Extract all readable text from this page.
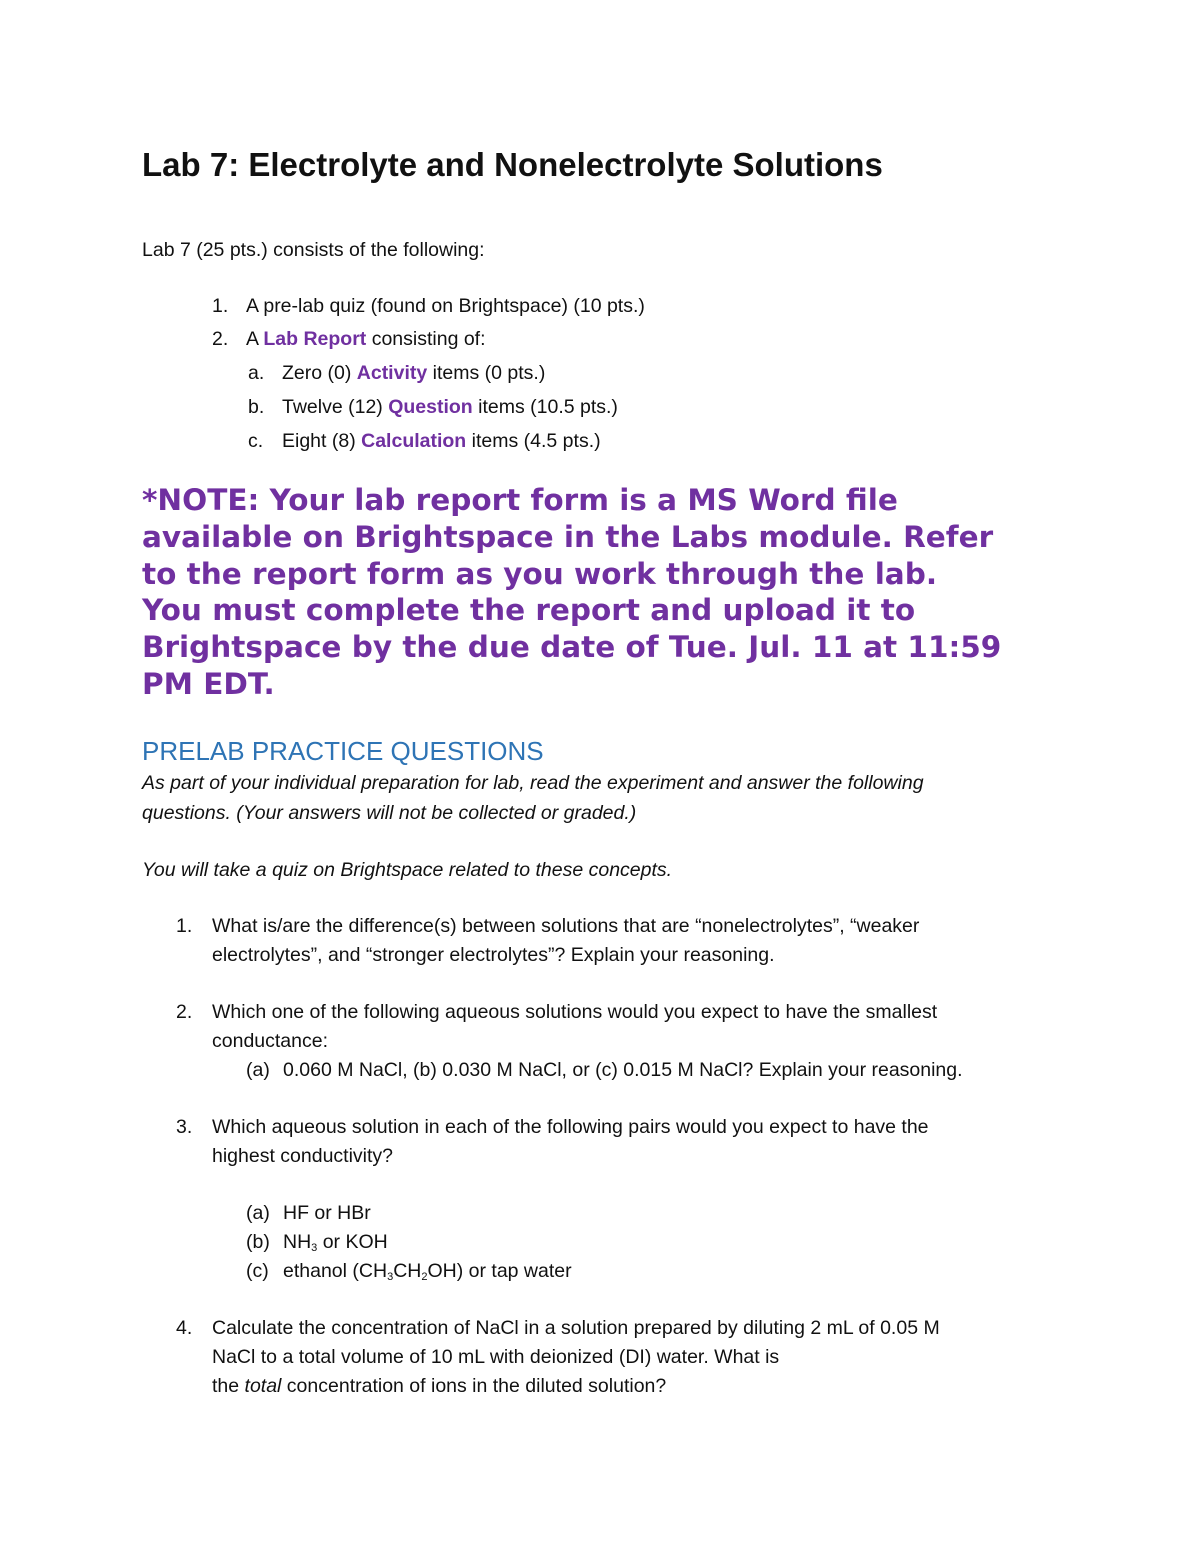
Lab 7: Electrolyte and Nonelectrolyte Solutions
Lab 7 (25 pts.) consists of the following:
1. A pre-lab quiz (found on Brightspace) (10 pts.)
2. A Lab Report consisting of:
a. Zero (0) Activity items (0 pts.)
b. Twelve (12) Question items (10.5 pts.)
c. Eight (8) Calculation items (4.5 pts.)
*NOTE: Your lab report form is a MS Word file
available on Brightspace in the Labs module. Refer
to the report form as you work through the lab.
You must complete the report and upload it to
Brightspace by the due date of Tue. Jul. 11 at 11:59
PM EDT.
PRELAB PRACTICE QUESTIONS
As part of your individual preparation for lab, read the experiment and answer the following
questions. (Your answers will not be collected or graded.)
You will take a quiz on Brightspace related to these concepts.
1. What is/are the difference(s) between solutions that are “nonelectrolytes”, “weaker
electrolytes”, and “stronger electrolytes”? Explain your reasoning.
2. Which one of the following aqueous solutions would you expect to have the smallest
conductance:
(a) 0.060 M NaCl, (b) 0.030 M NaCl, or (c) 0.015 M NaCl? Explain your reasoning.
3. Which aqueous solution in each of the following pairs would you expect to have the
highest conductivity?
(a) HF or HBr
(b) $NH_3$ or KOH
(c) ethanol $(CH_3CH_2OH)$ or tap water
4. Calculate the concentration of NaCl in a solution prepared by diluting 2 mL of 0.05 M
NaCl to a total volume of 10 mL with deionized (DI) water. What is
the total concentration of ions in the diluted solution?
